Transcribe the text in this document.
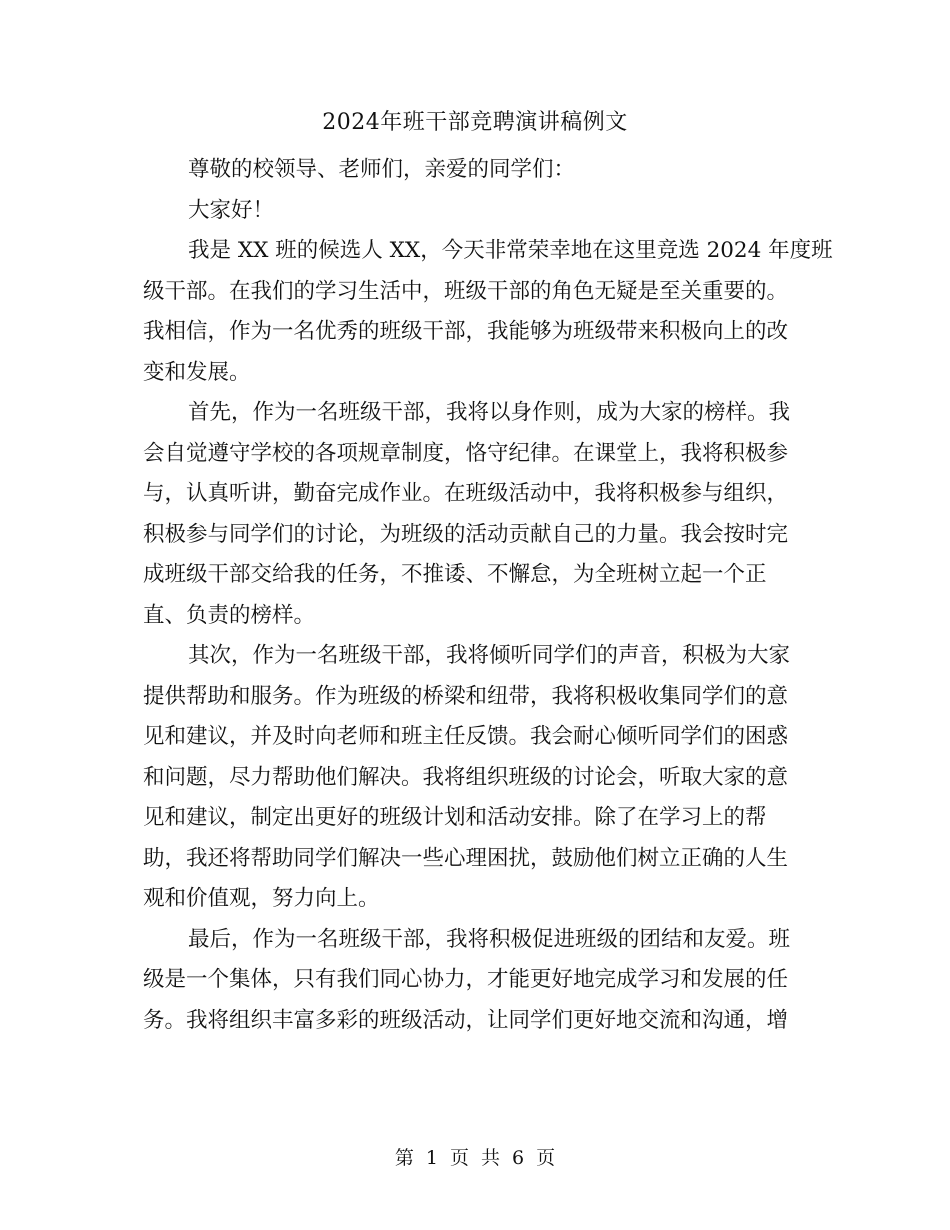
2024年班干部竞聘演讲稿例文
尊敬的校领导、老师们，亲爱的同学们：
大家好！
我是 XX 班的候选人 XX，今天非常荣幸地在这里竞选 2024 年度班
级干部。在我们的学习生活中，班级干部的角色无疑是至关重要的。
我相信，作为一名优秀的班级干部，我能够为班级带来积极向上的改
变和发展。
首先，作为一名班级干部，我将以身作则，成为大家的榜样。我
会自觉遵守学校的各项规章制度，恪守纪律。在课堂上，我将积极参
与，认真听讲，勤奋完成作业。在班级活动中，我将积极参与组织，
积极参与同学们的讨论，为班级的活动贡献自己的力量。我会按时完
成班级干部交给我的任务，不推诿、不懈怠，为全班树立起一个正
直、负责的榜样。
其次，作为一名班级干部，我将倾听同学们的声音，积极为大家
提供帮助和服务。作为班级的桥梁和纽带，我将积极收集同学们的意
见和建议，并及时向老师和班主任反馈。我会耐心倾听同学们的困惑
和问题，尽力帮助他们解决。我将组织班级的讨论会，听取大家的意
见和建议，制定出更好的班级计划和活动安排。除了在学习上的帮
助，我还将帮助同学们解决一些心理困扰，鼓励他们树立正确的人生
观和价值观，努力向上。
最后，作为一名班级干部，我将积极促进班级的团结和友爱。班
级是一个集体，只有我们同心协力，才能更好地完成学习和发展的任
务。我将组织丰富多彩的班级活动，让同学们更好地交流和沟通，增
第 1 页 共 6 页
